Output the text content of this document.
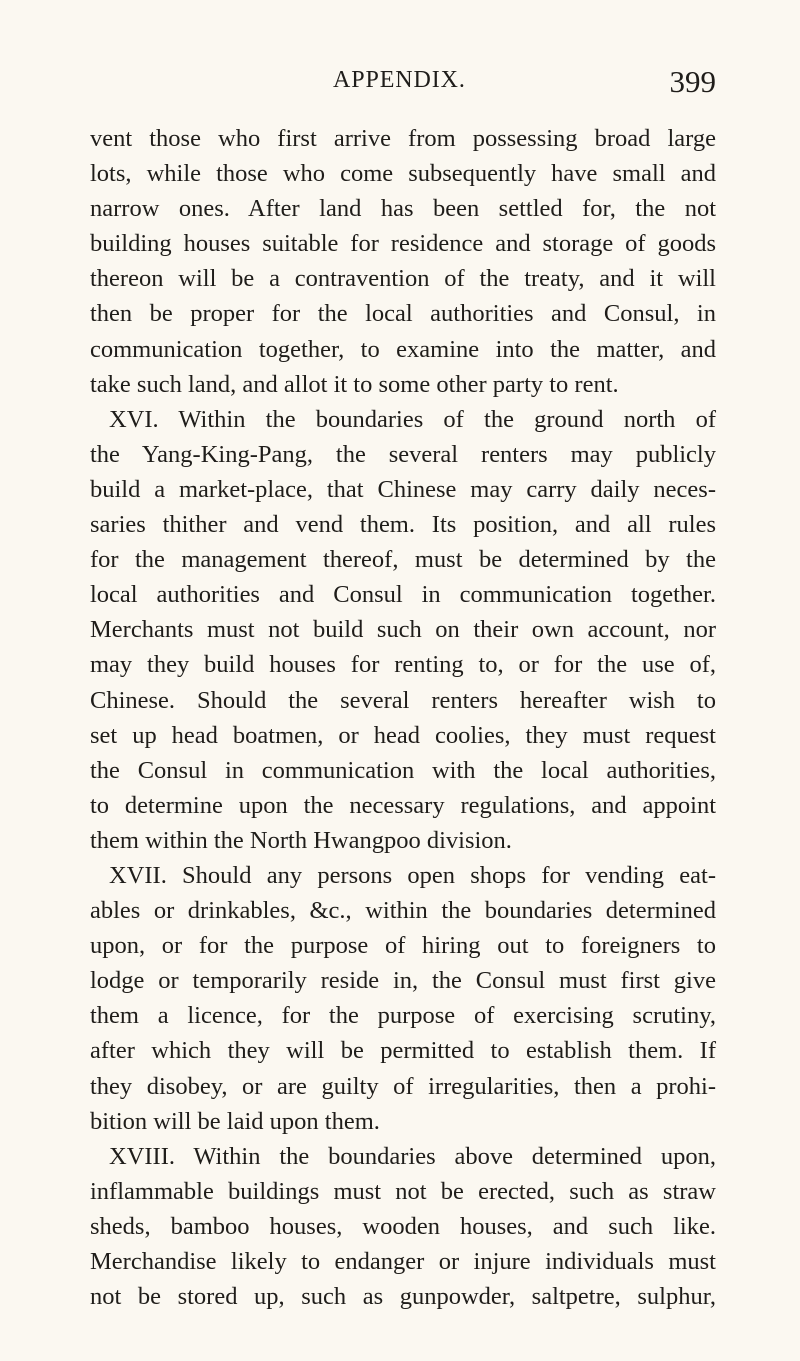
APPENDIX.	399
vent those who first arrive from possessing broad large
lots, while those who come subsequently have small and
narrow ones. After land has been settled for, the not
building houses suitable for residence and storage of goods
thereon will be a contravention of the treaty, and it will
then be proper for the local authorities and Consul, in
communication together, to examine into the matter, and
take such land, and allot it to some other party to rent.
XVI. Within the boundaries of the ground north of
the Yang-King-Pang, the several renters may publicly
build a market-place, that Chinese may carry daily neces-
saries thither and vend them. Its position, and all rules
for the management thereof, must be determined by the
local authorities and Consul in communication together.
Merchants must not build such on their own account, nor
may they build houses for renting to, or for the use of,
Chinese. Should the several renters hereafter wish to
set up head boatmen, or head coolies, they must request
the Consul in communication with the local authorities,
to determine upon the necessary regulations, and appoint
them within the North Hwangpoo division.
XVII. Should any persons open shops for vending eat-
ables or drinkables, &c., within the boundaries determined
upon, or for the purpose of hiring out to foreigners to
lodge or temporarily reside in, the Consul must first give
them a licence, for the purpose of exercising scrutiny,
after which they will be permitted to establish them. If
they disobey, or are guilty of irregularities, then a prohi-
bition will be laid upon them.
XVIII. Within the boundaries above determined upon,
inflammable buildings must not be erected, such as straw
sheds, bamboo houses, wooden houses, and such like.
Merchandise likely to endanger or injure individuals must
not be stored up, such as gunpowder, saltpetre, sulphur,
